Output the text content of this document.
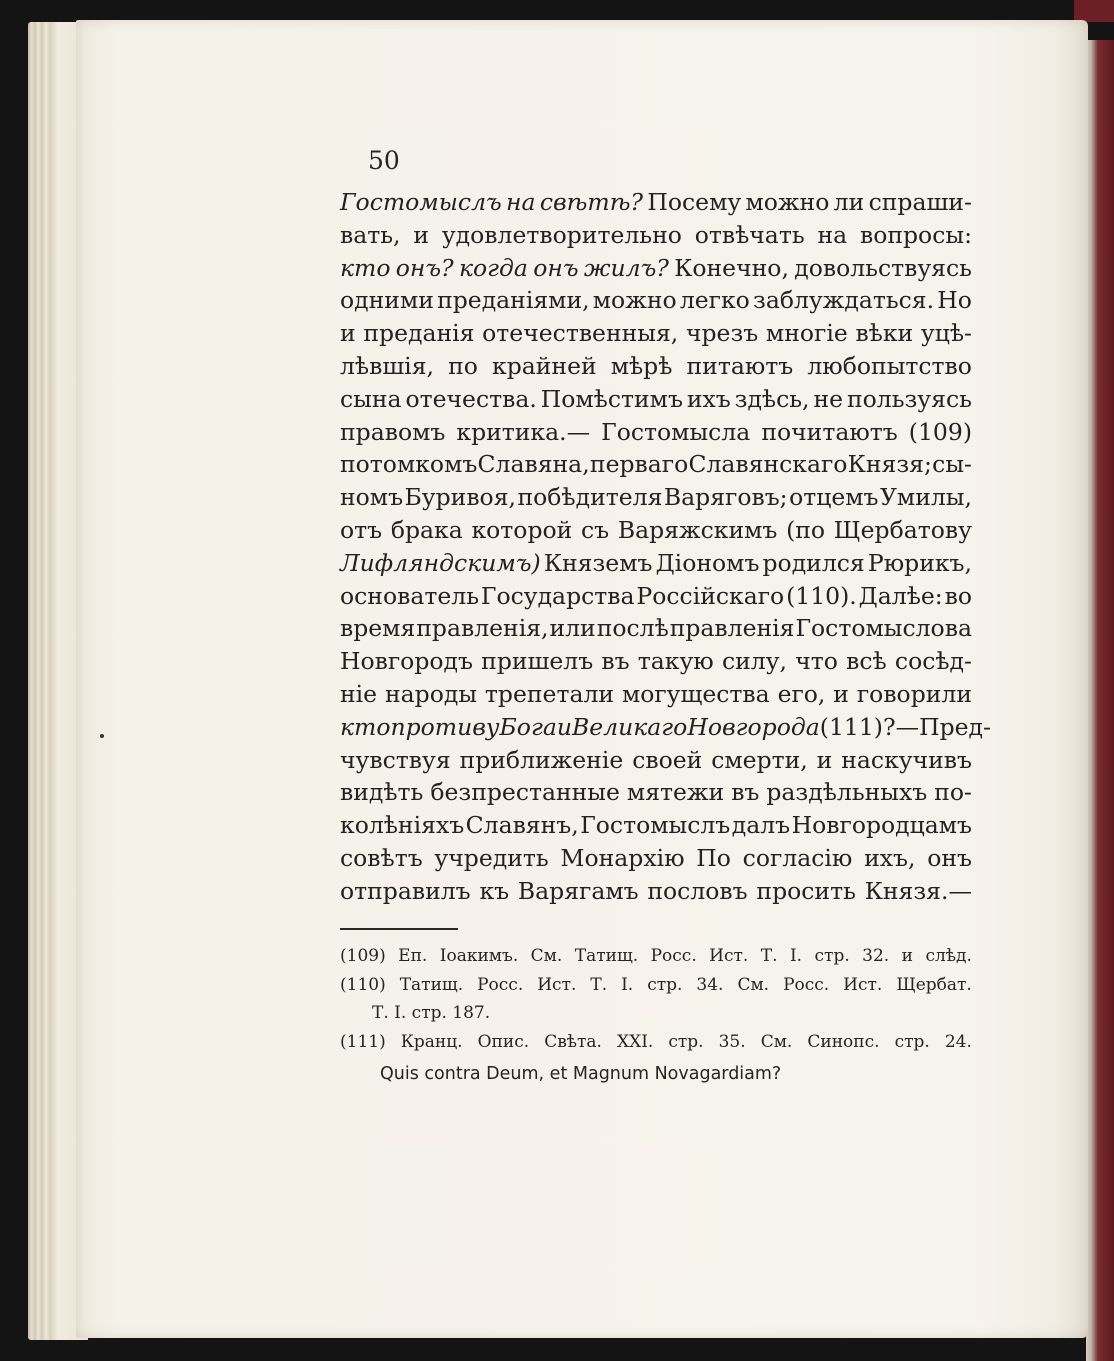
50
Гостомыслъ на свѣтѣ? Посему можно ли спраши-
вать, и удовлетворительно отвѣчать на вопросы:
кто онъ? когда онъ жилъ? Конечно, довольствуясь
одними преданіями, можно легко заблуждаться. Но
и преданія отечественныя, чрезъ многіе вѣки уцѣ-
лѣвшія, по крайней мѣрѣ питаютъ любопытство
сына отечества. Помѣстимъ ихъ здѣсь, не пользуясь
правомъ критика.— Гостомысла почитаютъ (109)
потомкомъ Славяна, перваго Славянскаго Князя; сы-
номъ Буривоя, побѣдителя Варяговъ; отцемъ Умилы,
отъ брака которой съ Варяжскимъ (по Щербатову
Лифляндскимъ) Княземъ Діономъ родился Рюрикъ,
основатель Государства Россійскаго (110). Далѣе: во
время правленія, или послѣ правленія Гостомыслова
Новгородъ пришелъ въ такую силу, что всѣ сосѣд-
ніе народы трепетали могущества его, и говорили
кто противу Бога и Великаго Новгорода (111)?—Пред-
чувствуя приближеніе своей смерти, и наскучивъ
видѣть безпрестанные мятежи въ раздѣльныхъ по-
колѣніяхъ Славянъ, Гостомыслъ далъ Новгородцамъ
совѣтъ учредить Монархію По согласію ихъ, онъ
отправилъ къ Варягамъ пословъ просить Князя.—
(109) Еп. Іоакимъ. См. Татищ. Росс. Ист. Т. I. стр. 32. и слѣд.
(110) Татищ. Росс. Ист. Т. I. стр. 34. См. Росс. Ист. Щербат.
Т. I. стр. 187.
(111) Кранц. Опис. Свѣта. XXI. стр. 35. См. Синопс. стр. 24.
Quis contra Deum, et Magnum Novagardiam?
